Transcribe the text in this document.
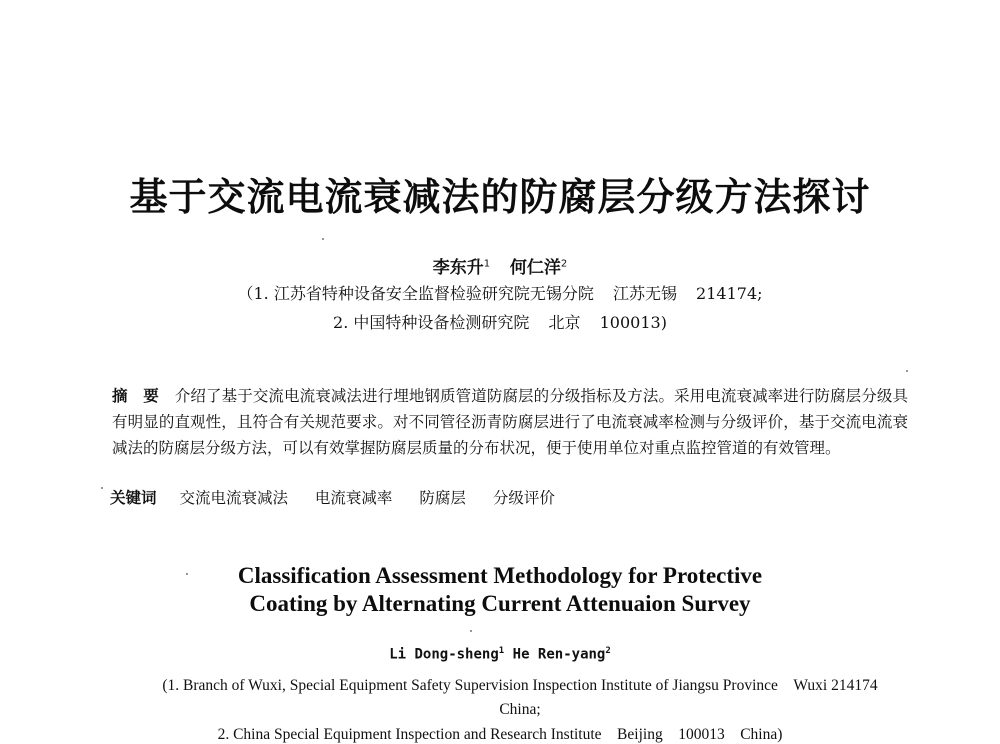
基于交流电流衰减法的防腐层分级方法探讨
李东升$^1$ 何仁洋$^2$
（1. 江苏省特种设备安全监督检验研究院无锡分院 江苏无锡 214174;
2. 中国特种设备检测研究院 北京 100013)
摘　要 介绍了基于交流电流衰减法进行埋地钢质管道防腐层的分级指标及方法。采用电流衰减率进行防腐层分级具有明显的直观性，且符合有关规范要求。对不同管径沥青防腐层进行了电流衰减率检测与分级评价，基于交流电流衰减法的防腐层分级方法，可以有效掌握防腐层质量的分布状况，便于使用单位对重点监控管道的有效管理。
关键词 交流电流衰减法 电流衰减率 防腐层 分级评价
Classification Assessment Methodology for Protective
Coating by Alternating Current Attenuaion Survey
Li Dong-sheng$^1$ He Ren-yang$^2$
(1. Branch of Wuxi, Special Equipment Safety Supervision Inspection Institute of Jiangsu Province　Wuxi 214174　China;
2. China Special Equipment Inspection and Research Institute　Beijing　100013　China)
